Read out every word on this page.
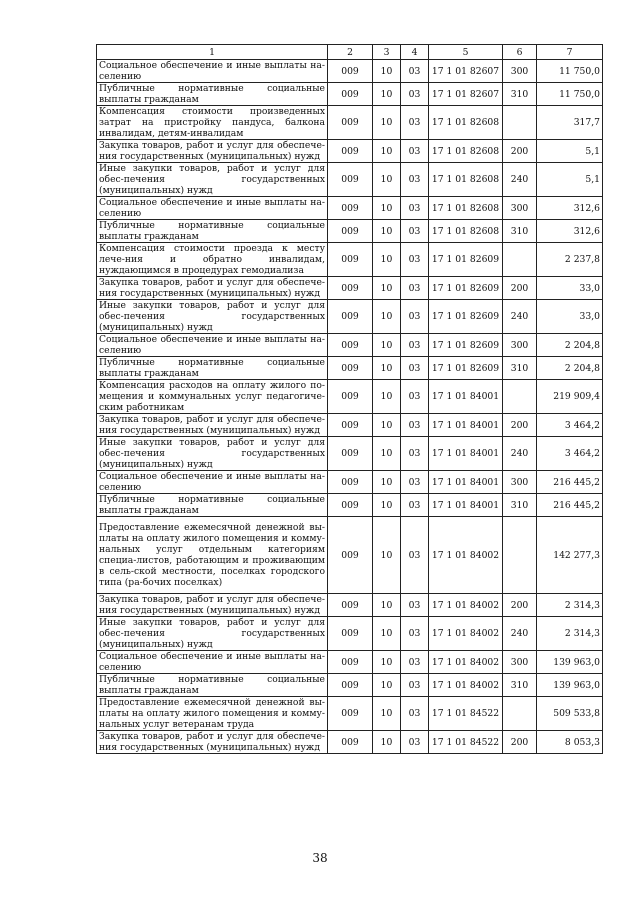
1	2	3	4	5	6	7
Социальное обеспечение и иные выплаты на-селению	009	10	03	17 1 01 82607	300	11 750,0
Публичные нормативные социальные выплаты гражданам	009	10	03	17 1 01 82607	310	11 750,0
Компенсация стоимости произведенных затрат на пристройку пандуса, балкона инвалидам, детям-инвалидам	009	10	03	17 1 01 82608		317,7
Закупка товаров, работ и услуг для обеспече-ния государственных (муниципальных) нужд	009	10	03	17 1 01 82608	200	5,1
Иные закупки товаров, работ и услуг для обес-печения государственных (муниципальных) нужд	009	10	03	17 1 01 82608	240	5,1
Социальное обеспечение и иные выплаты на-селению	009	10	03	17 1 01 82608	300	312,6
Публичные нормативные социальные выплаты гражданам	009	10	03	17 1 01 82608	310	312,6
Компенсация стоимости проезда к месту лече-ния и обратно инвалидам, нуждающимся в процедурах гемодиализа	009	10	03	17 1 01 82609		2 237,8
Закупка товаров, работ и услуг для обеспече-ния государственных (муниципальных) нужд	009	10	03	17 1 01 82609	200	33,0
Иные закупки товаров, работ и услуг для обес-печения государственных (муниципальных) нужд	009	10	03	17 1 01 82609	240	33,0
Социальное обеспечение и иные выплаты на-селению	009	10	03	17 1 01 82609	300	2 204,8
Публичные нормативные социальные выплаты гражданам	009	10	03	17 1 01 82609	310	2 204,8
Компенсация расходов на оплату жилого по-мещения и коммунальных услуг педагогиче-ским работникам	009	10	03	17 1 01 84001		219 909,4
Закупка товаров, работ и услуг для обеспече-ния государственных (муниципальных) нужд	009	10	03	17 1 01 84001	200	3 464,2
Иные закупки товаров, работ и услуг для обес-печения государственных (муниципальных) нужд	009	10	03	17 1 01 84001	240	3 464,2
Социальное обеспечение и иные выплаты на-селению	009	10	03	17 1 01 84001	300	216 445,2
Публичные нормативные социальные выплаты гражданам	009	10	03	17 1 01 84001	310	216 445,2
Предоставление ежемесячной денежной вы-платы на оплату жилого помещения и комму-нальных услуг отдельным категориям специа-листов, работающим и проживающим в сель-ской местности, поселках городского типа (ра-бочих поселках)	009	10	03	17 1 01 84002		142 277,3
Закупка товаров, работ и услуг для обеспече-ния государственных (муниципальных) нужд	009	10	03	17 1 01 84002	200	2 314,3
Иные закупки товаров, работ и услуг для обес-печения государственных (муниципальных) нужд	009	10	03	17 1 01 84002	240	2 314,3
Социальное обеспечение и иные выплаты на-селению	009	10	03	17 1 01 84002	300	139 963,0
Публичные нормативные социальные выплаты гражданам	009	10	03	17 1 01 84002	310	139 963,0
Предоставление ежемесячной денежной вы-платы на оплату жилого помещения и комму-нальных услуг ветеранам труда	009	10	03	17 1 01 84522		509 533,8
Закупка товаров, работ и услуг для обеспече-ния государственных (муниципальных) нужд	009	10	03	17 1 01 84522	200	8 053,3
38
